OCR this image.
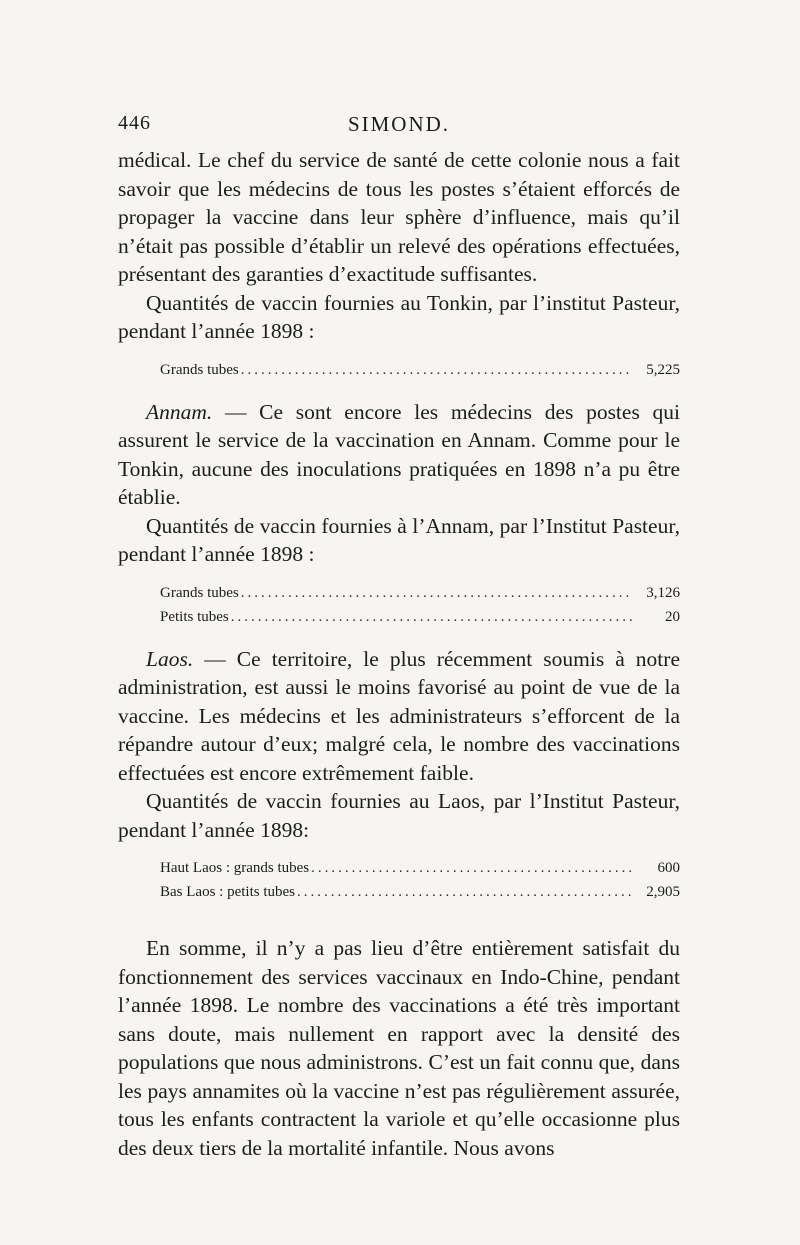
446	SIMOND.

médical. Le chef du service de santé de cette colonie nous a fait savoir que les médecins de tous les postes s’étaient efforcés de propager la vaccine dans leur sphère d’influence, mais qu’il n’était pas possible d’établir un relevé des opérations effectuées, présentant des garanties d’exactitude suffisantes.

Quantités de vaccin fournies au Tonkin, par l’institut Pasteur, pendant l’année 1898 :

Grands tubes .....	5,225

Annam. — Ce sont encore les médecins des postes qui assurent le service de la vaccination en Annam. Comme pour le Tonkin, aucune des inoculations pratiquées en 1898 n’a pu être établie.

Quantités de vaccin fournies à l’Annam, par l’Institut Pasteur, pendant l’année 1898 :

Grands tubes .....	3,126
Petits tubes .....	20

Laos. — Ce territoire, le plus récemment soumis à notre administration, est aussi le moins favorisé au point de vue de la vaccine. Les médecins et les administrateurs s’efforcent de la répandre autour d’eux; malgré cela, le nombre des vaccinations effectuées est encore extrêmement faible.

Quantités de vaccin fournies au Laos, par l’Institut Pasteur, pendant l’année 1898:

Haut Laos : grands tubes .....	600
Bas Laos : petits tubes .....	2,905

En somme, il n’y a pas lieu d’être entièrement satisfait du fonctionnement des services vaccinaux en Indo-Chine, pendant l’année 1898. Le nombre des vaccinations a été très important sans doute, mais nullement en rapport avec la densité des populations que nous administrons. C’est un fait connu que, dans les pays annamites où la vaccine n’est pas régulièrement assurée, tous les enfants contractent la variole et qu’elle occasionne plus des deux tiers de la mortalité infantile. Nous avons
